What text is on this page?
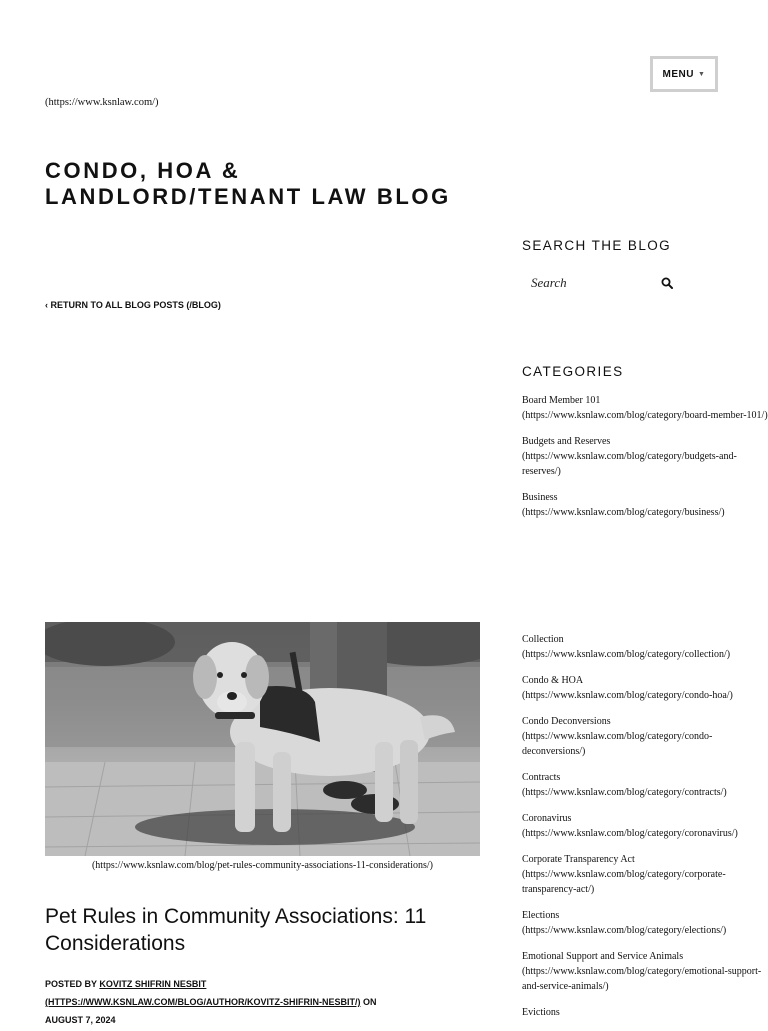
MENU ▼
(https://www.ksnlaw.com/)
CONDO, HOA &
LANDLORD/TENANT LAW BLOG
‹ RETURN TO ALL BLOG POSTS (/BLOG)
SEARCH THE BLOG
Search
CATEGORIES
Board Member 101
(https://www.ksnlaw.com/blog/category/board-member-101/)
Budgets and Reserves
(https://www.ksnlaw.com/blog/category/budgets-and-reserves/)
Business
(https://www.ksnlaw.com/blog/category/business/)
Collection
(https://www.ksnlaw.com/blog/category/collection/)
Condo & HOA
(https://www.ksnlaw.com/blog/category/condo-hoa/)
Condo Deconversions
(https://www.ksnlaw.com/blog/category/condo-deconversions/)
Contracts
(https://www.ksnlaw.com/blog/category/contracts/)
Coronavirus
(https://www.ksnlaw.com/blog/category/coronavirus/)
Corporate Transparency Act
(https://www.ksnlaw.com/blog/category/corporate-transparency-act/)
Elections
(https://www.ksnlaw.com/blog/category/elections/)
Emotional Support and Service Animals
(https://www.ksnlaw.com/blog/category/emotional-support-and-service-animals/)
Evictions
(https://www.ksnlaw.com/blog/pet-rules-community-associations-11-considerations/)
Pet Rules in Community Associations: 11 Considerations
POSTED BY KOVITZ SHIFRIN NESBIT
(HTTPS://WWW.KSNLAW.COM/BLOG/AUTHOR/KOVITZ-SHIFRIN-NESBIT/) ON
AUGUST 7, 2024
